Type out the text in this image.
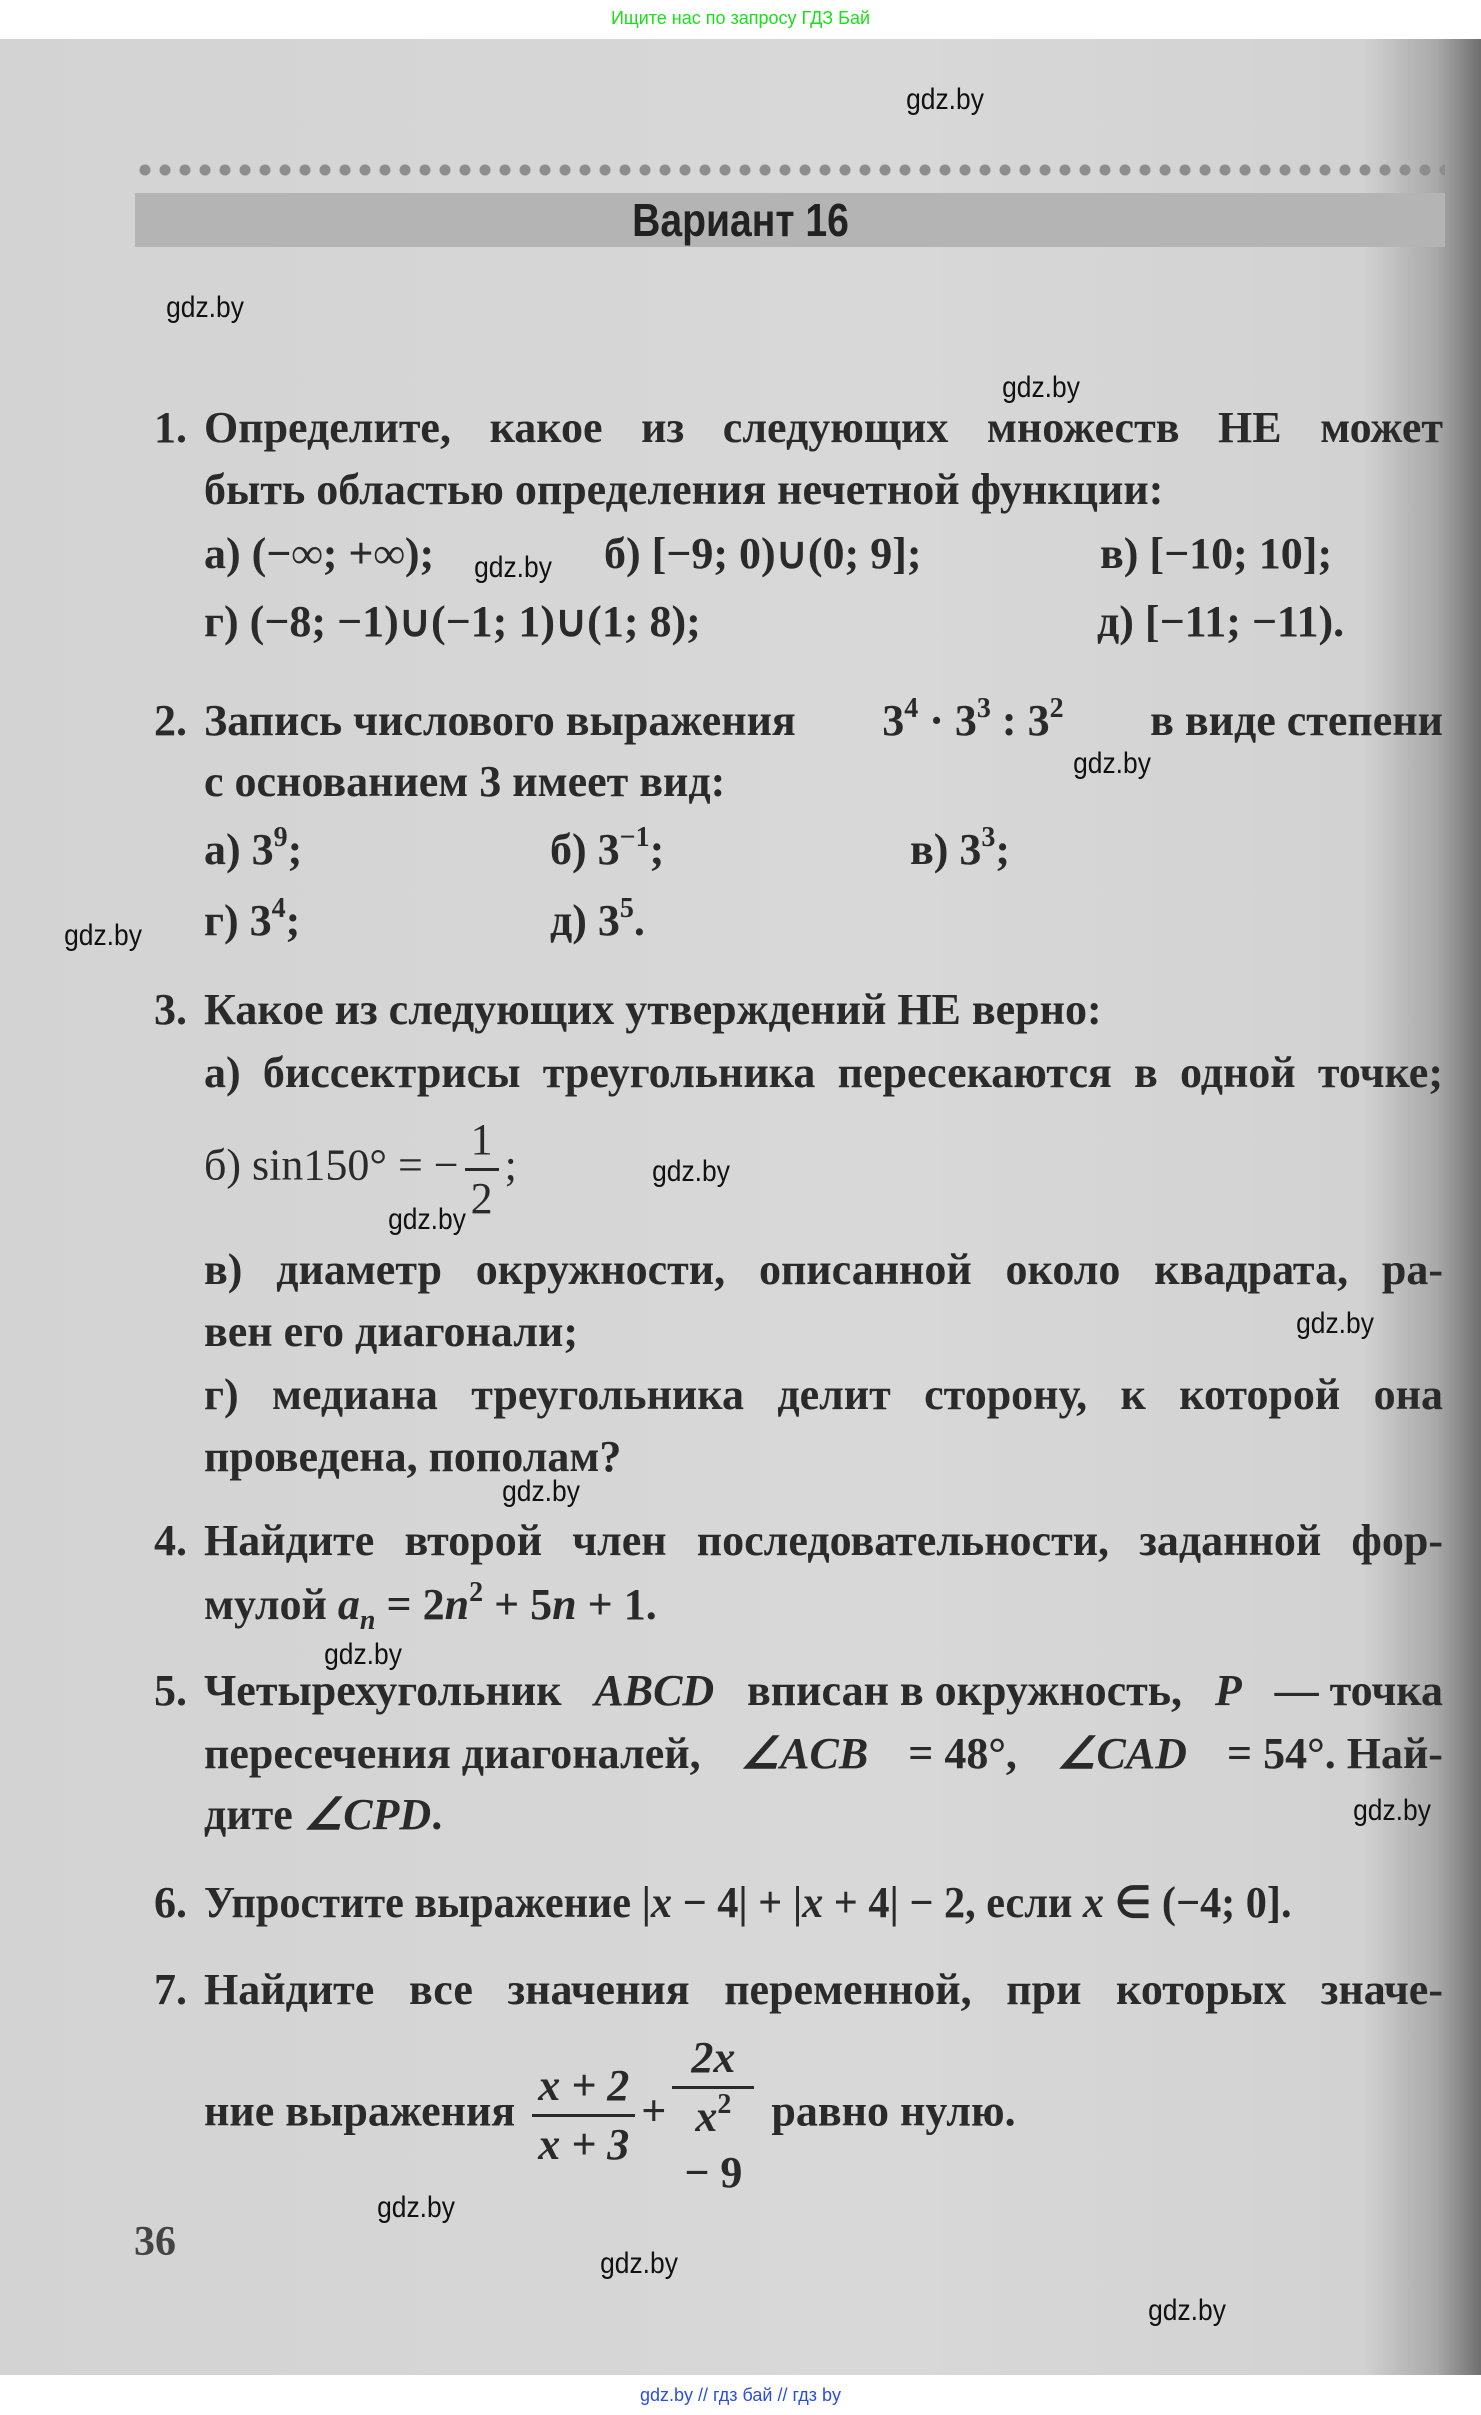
Ищите нас по запросу ГДЗ Бай
Вариант 16
1. Определите, какое из следующих множеств НЕ может
быть областью определения нечетной функции:
а) (−∞; +∞);	б) [−9; 0)∪(0; 9];	в) [−10; 10];
г) (−8; −1)∪(−1; 1)∪(1; 8);	д) [−11; −11).
2. Запись числового выражения $3^4 \cdot 3^3$ : $3^2$ в виде степени
с основанием 3 имеет вид:
а) $3^9$;	б) $3^{-1}$;	в) $3^3$;
г) $3^4$;	д) $3^5$.
3. Какое из следующих утверждений НЕ верно:
а) биссектрисы треугольника пересекаются в одной точке;
б) sin150° = − $\frac{1}{2}$ ;
в) диаметр окружности, описанной около квадрата, ра-
вен его диагонали;
г) медиана треугольника делит сторону, к которой она
проведена, пополам?
4. Найдите второй член последовательности, заданной фор-
мулой $a_n = 2n^2 + 5n + 1$.
5. Четырехугольник ABCD вписан в окружность, P — точка
пересечения диагоналей, ∠ACB = 48°, ∠CAD = 54°. Най-
дите ∠CPD.
6. Упростите выражение |x − 4| + |x + 4| − 2, если x ∈ (−4; 0].
7. Найдите все значения переменной, при которых значе-
ние выражения $\frac{x + 2}{x + 3} + 2x$
$x^2$
− 9 равно нулю.
36
gdz.by
gdz.by
gdz.by
gdz.by
gdz.by
gdz.by
gdz.by
gdz.by
gdz.by
gdz.by
gdz.by
gdz.by
gdz.by
gdz.by
gdz.by
gdz.by // гдз бай // гдз by
